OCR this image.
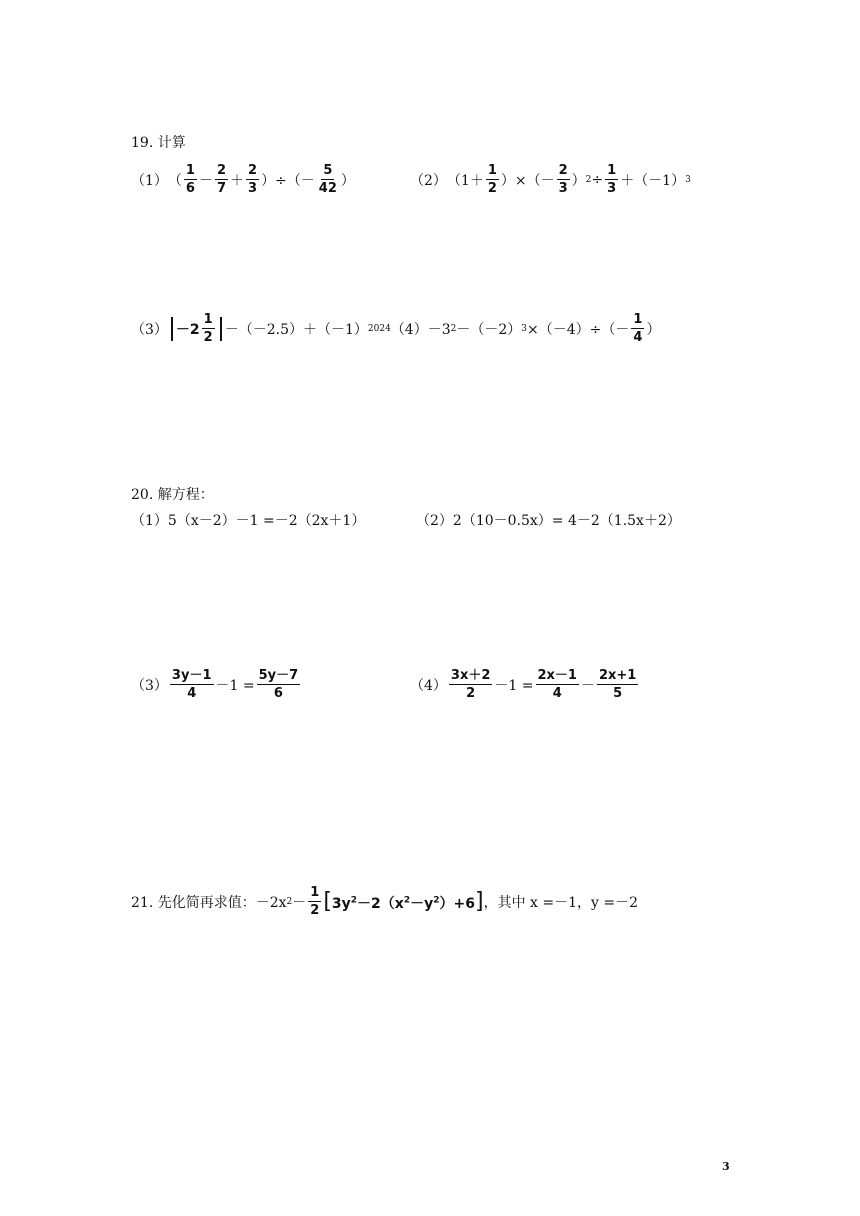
19. 计算
（1） （ $\frac{1}{6} - \frac{2}{7} + \frac{2}{3}$ ）÷（－ $\frac{5}{42}$ ）	（2） （$1+ \frac{1}{2}$ ）×（－ $\frac{2}{3}$ ） $2 \div \frac{1}{3} +(-1)$ 3
$(3) -2 \frac{1}{2} -(-2.5)+(-1)$ 2024 （4） －3 2 －（－2） $3 \times(-4)\div(- \frac{1}{4}$ ）
20. 解方程：
（1）5（x－2）－1 =－2（2x＋1）	（2）2（10－0.5x）= 4－2（1.5x＋2）
$(3) \frac{3y-1}{4} -1 = \frac{5y-7}{6}$	$(4) \frac{3x+2}{2} -1 = \frac{2x-1}{4} - \frac{2x+1}{5}$
21. 先化简再求值：－2x $2 - \frac{1}{2} [3y^2-2(x^2-y^2)+6]$ ，其中 x =－1，y =－2
3
